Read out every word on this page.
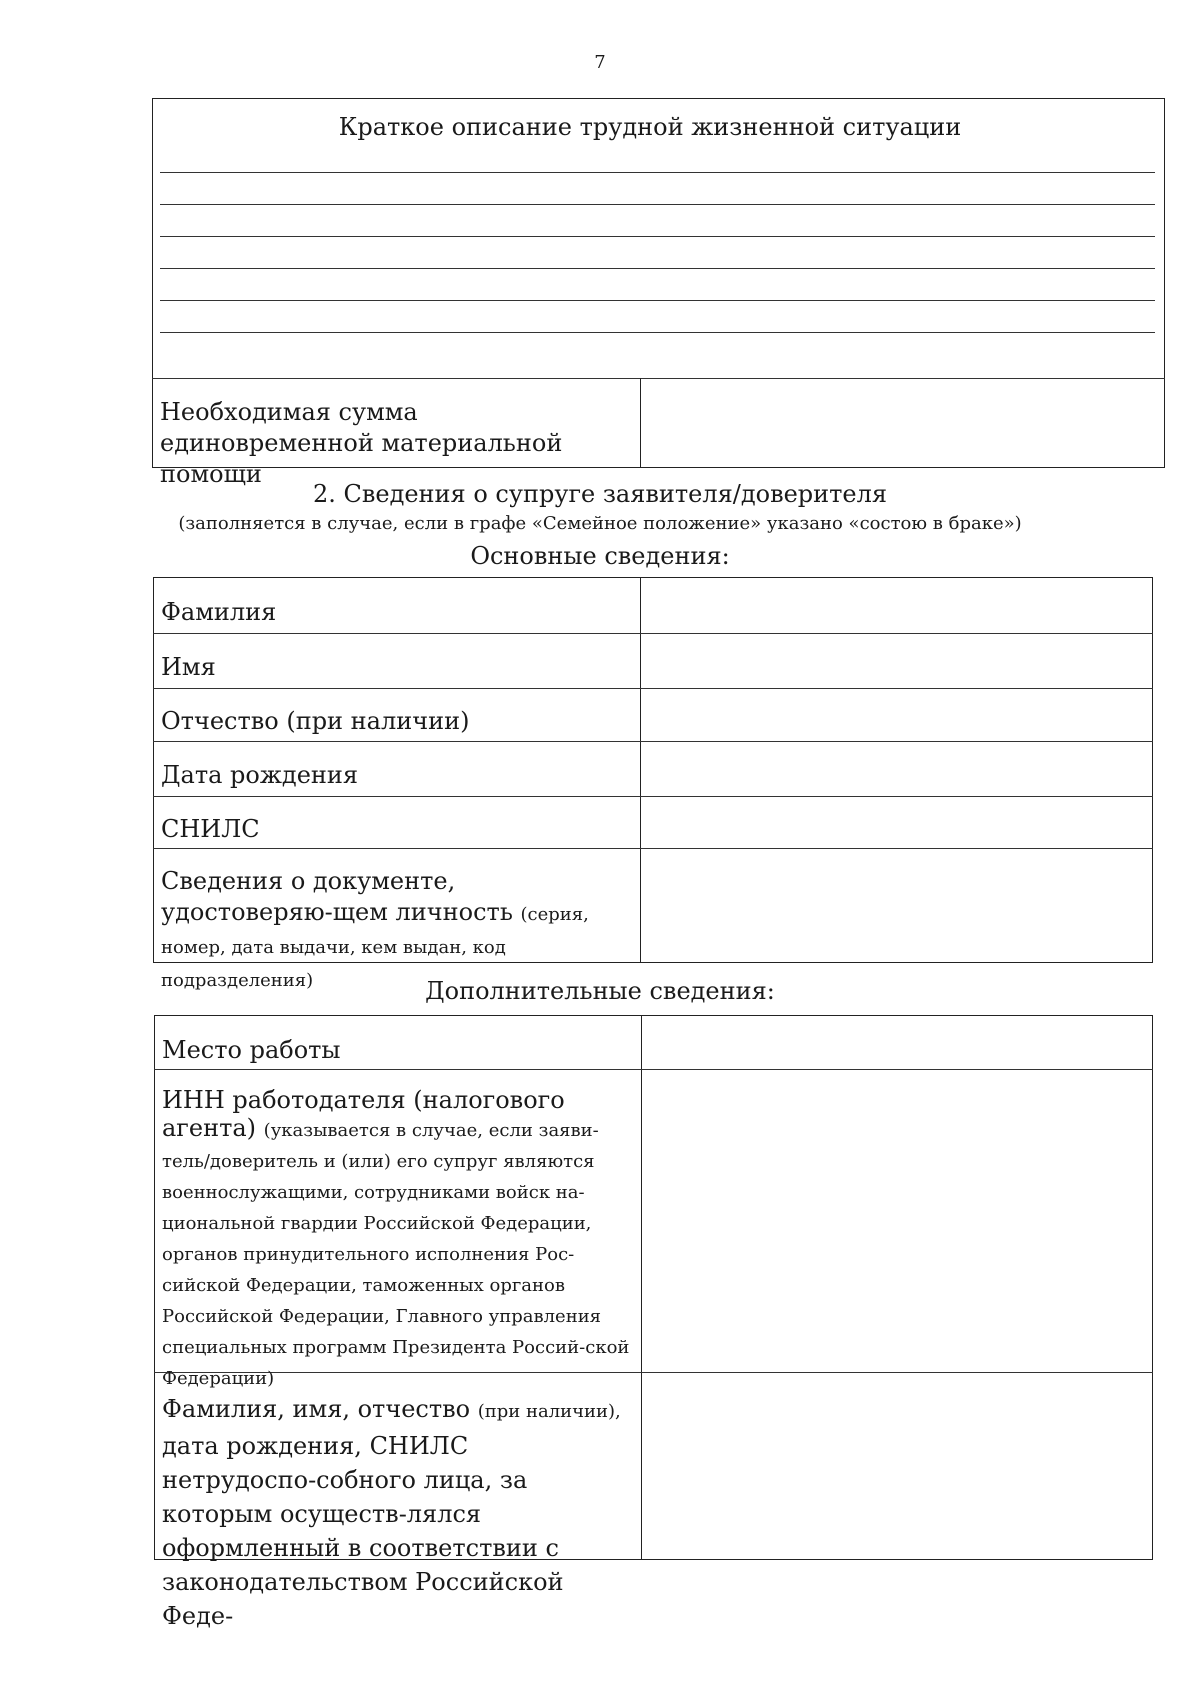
7
Краткое описание трудной жизненной ситуации
Необходимая сумма единовременной материальной помощи
2. Сведения о супруге заявителя/доверителя
(заполняется в случае, если в графе «Семейное положение» указано «состою в браке»)
Основные сведения:
Фамилия
Имя
Отчество (при наличии)
Дата рождения
СНИЛС
Сведения о документе, удостоверяю-щем личность (серия, номер, дата выдачи, кем выдан, код подразделения)	Дополнительные сведения:
Место работы
ИНН работодателя (налогового агента) (указывается в случае, если заяви-тель/доверитель и (или) его супруг являются военнослужащими, сотрудниками войск на-циональной гвардии Российской Федерации, органов принудительного исполнения Рос-сийской Федерации, таможенных органов Российской Федерации, Главного управления специальных программ Президента Россий-ской Федерации)
Фамилия, имя, отчество (при наличии), дата рождения, СНИЛС нетрудоспо-собного лица, за которым осуществ-лялся оформленный в соответствии с законодательством Российской Феде-
